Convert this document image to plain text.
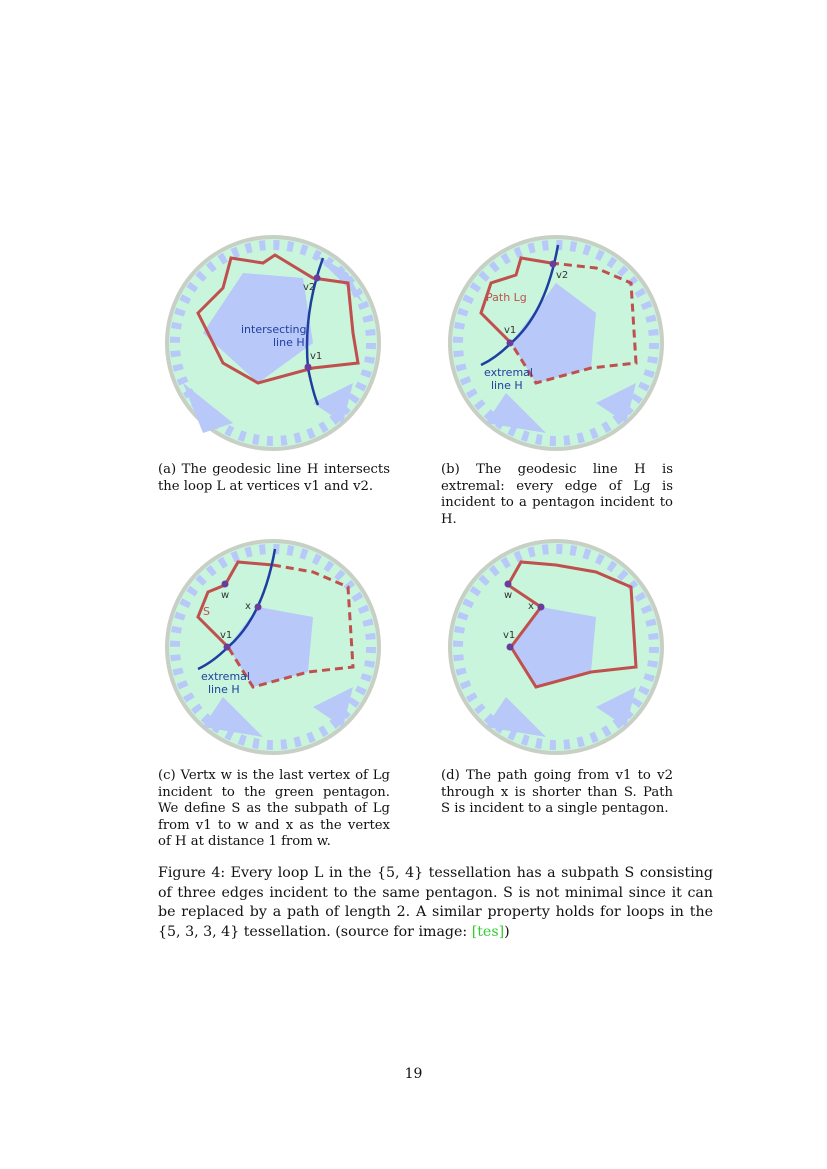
v2
v1
intersecting
line H
v2
v1
Path Lg
extremal
line H
w
x
S
v1
extremal
line H
w
x
v1
(a) The geodesic line H intersects the loop L at vertices v1 and v2.
(b) The geodesic line H is extremal: every edge of Lg is incident to a pentagon incident to H.
(c) Vertx w is the last vertex of Lg incident to the green pentagon. We define S as the subpath of Lg from v1 to w and x as the vertex of H at distance 1 from w.
(d) The path going from v1 to v2 through x is shorter than S. Path S is incident to a single pentagon.
Figure 4: Every loop L in the {5, 4} tessellation has a subpath S consisting of three edges incident to the same pentagon. S is not minimal since it can be replaced by a path of length 2. A similar property holds for loops in the {5, 3, 3, 4} tessellation. (source for image: [tes])
19
